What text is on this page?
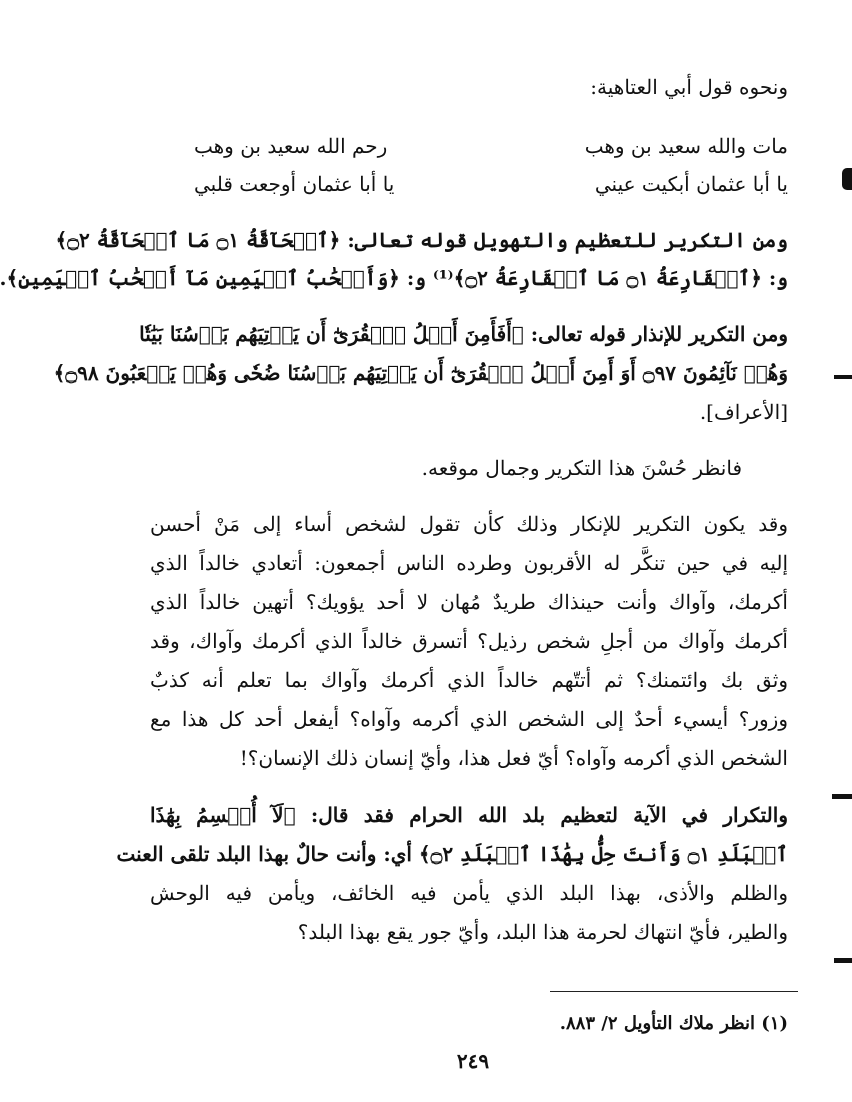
ونحوه قول أبي العتاهية:
مات والله سعيد بن وهب
رحم الله سعيد بن وهب
يا أبا عثمان أبكيت عيني
يا أبا عثمان أوجعت قلبي
ومن التكرير للتعظيم والتهويل قوله تعالى: ﴿ٱلۡحَآقَّةُ ۝١ مَا ٱلۡحَآقَّةُ ۝٢﴾
و: ﴿ٱلۡقَارِعَةُ ۝١ مَا ٱلۡقَارِعَةُ ۝٢﴾⁽¹⁾ و: ﴿وَأَصۡحَٰبُ ٱلۡيَمِينِ مَآ أَصۡحَٰبُ ٱلۡيَمِينِ﴾.
ومن التكرير للإنذار قوله تعالى: ﴿أَفَأَمِنَ أَهۡلُ ٱلۡقُرَىٰٓ أَن يَأۡتِيَهُم بَأۡسُنَا بَيَٰتٗا
وَهُمۡ نَآئِمُونَ ۝٩٧ أَوَ أَمِنَ أَهۡلُ ٱلۡقُرَىٰٓ أَن يَأۡتِيَهُم بَأۡسُنَا ضُحٗى وَهُمۡ يَلۡعَبُونَ ۝٩٨﴾
[الأعراف].
فانظر حُسْنَ هذا التكرير وجمال موقعه.
وقد يكون التكرير للإنكار وذلك كأن تقول لشخص أساء إلى مَنْ أحسن
إليه في حين تنكَّر له الأقربون وطرده الناس أجمعون: أتعادي خالداً الذي
أكرمك، وآواك وأنت حينذاك طريدٌ مُهان لا أحد يؤويك؟ أتهين خالداً الذي
أكرمك وآواك من أجلِ شخص رذيل؟ أتسرق خالداً الذي أكرمك وآواك، وقد
وثق بك وائتمنك؟ ثم أتتّهم خالداً الذي أكرمك وآواك بما تعلم أنه كذبٌ
وزور؟ أيسيء أحدٌ إلى الشخص الذي أكرمه وآواه؟ أيفعل أحد كل هذا مع
الشخص الذي أكرمه وآواه؟ أيّ فعل هذا، وأيّ إنسان ذلك الإنسان؟!
والتكرار في الآية لتعظيم بلد الله الحرام فقد قال: ﴿لَآ أُقۡسِمُ بِهَٰذَا
ٱلۡبَلَدِ ۝١ وَأَنتَ حِلُّۢ بِهَٰذَا ٱلۡبَلَدِ ۝٢﴾ أي: وأنت حالٌ بهذا البلد تلقى العنت
والظلم والأذى، بهذا البلد الذي يأمن فيه الخائف، ويأمن فيه الوحش
والطير، فأيّ انتهاك لحرمة هذا البلد، وأيّ جور يقع بهذا البلد؟
(١) انظر ملاك التأويل ٢/ ٨٨٣.
٢٤٩
